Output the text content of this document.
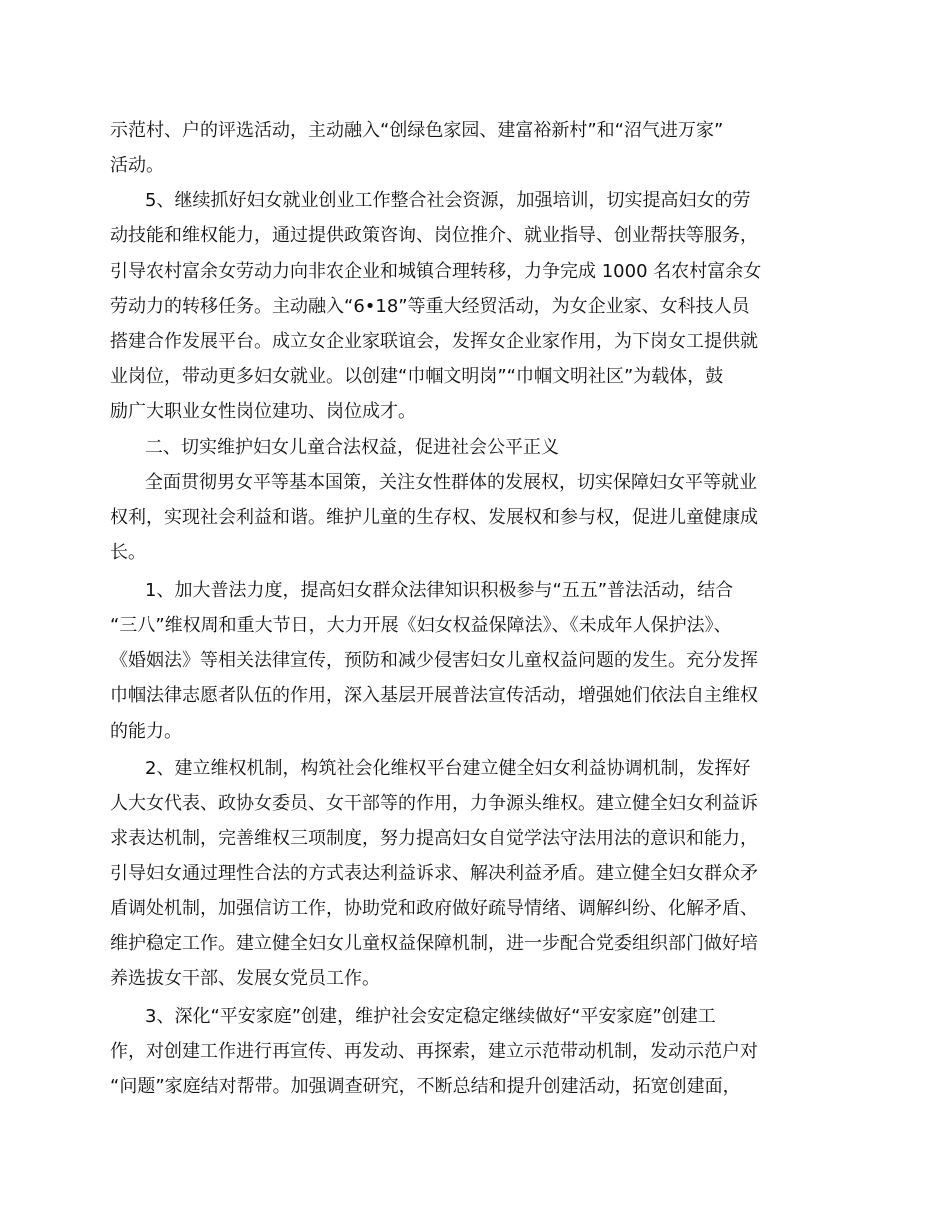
示范村、户的评选活动，主动融入“创绿色家园、建富裕新村”和“沼气进万家”
活动。
5、继续抓好妇女就业创业工作整合社会资源，加强培训，切实提高妇女的劳
动技能和维权能力，通过提供政策咨询、岗位推介、就业指导、创业帮扶等服务，
引导农村富余女劳动力向非农企业和城镇合理转移，力争完成 1000 名农村富余女
劳动力的转移任务。主动融入“6•18”等重大经贸活动，为女企业家、女科技人员
搭建合作发展平台。成立女企业家联谊会，发挥女企业家作用，为下岗女工提供就
业岗位，带动更多妇女就业。以创建“巾帼文明岗”“巾帼文明社区”为载体，鼓
励广大职业女性岗位建功、岗位成才。
二、切实维护妇女儿童合法权益，促进社会公平正义
全面贯彻男女平等基本国策，关注女性群体的发展权，切实保障妇女平等就业
权利，实现社会利益和谐。维护儿童的生存权、发展权和参与权，促进儿童健康成
长。
1、加大普法力度，提高妇女群众法律知识积极参与“五五”普法活动，结合
“三八”维权周和重大节日，大力开展《妇女权益保障法》、《未成年人保护法》、
《婚姻法》等相关法律宣传，预防和减少侵害妇女儿童权益问题的发生。充分发挥
巾帼法律志愿者队伍的作用，深入基层开展普法宣传活动，增强她们依法自主维权
的能力。
2、建立维权机制，构筑社会化维权平台建立健全妇女利益协调机制，发挥好
人大女代表、政协女委员、女干部等的作用，力争源头维权。建立健全妇女利益诉
求表达机制，完善维权三项制度，努力提高妇女自觉学法守法用法的意识和能力，
引导妇女通过理性合法的方式表达利益诉求、解决利益矛盾。建立健全妇女群众矛
盾调处机制，加强信访工作，协助党和政府做好疏导情绪、调解纠纷、化解矛盾、
维护稳定工作。建立健全妇女儿童权益保障机制，进一步配合党委组织部门做好培
养选拔女干部、发展女党员工作。
3、深化“平安家庭”创建，维护社会安定稳定继续做好“平安家庭”创建工
作，对创建工作进行再宣传、再发动、再探索，建立示范带动机制，发动示范户对
“问题”家庭结对帮带。加强调查研究，不断总结和提升创建活动，拓宽创建面，
